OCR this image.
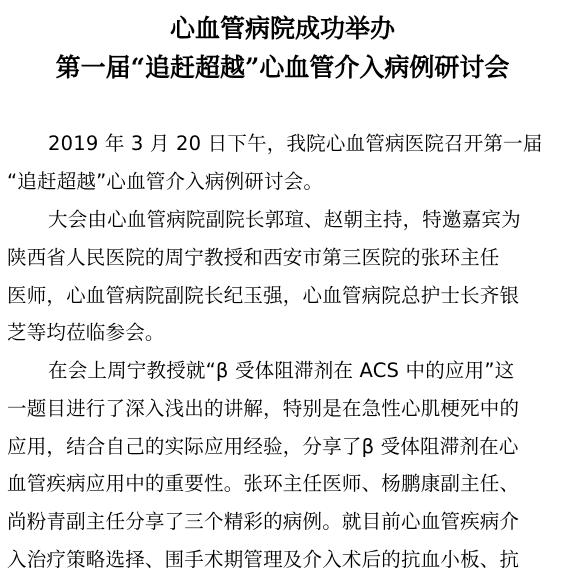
心血管病院成功举办
第一届“追赶超越”心血管介入病例研讨会
2019 年 3 月 20 日下午，我院心血管病医院召开第一届
“追赶超越”心血管介入病例研讨会。
大会由心血管病院副院长郭瑄、赵朝主持，特邀嘉宾为
陕西省人民医院的周宁教授和西安市第三医院的张环主任
医师，心血管病院副院长纪玉强，心血管病院总护士长齐银
芝等均莅临参会。
在会上周宁教授就“β 受体阻滞剂在 ACS 中的应用”这
一题目进行了深入浅出的讲解，特别是在急性心肌梗死中的
应用，结合自己的实际应用经验，分享了β 受体阻滞剂在心
血管疾病应用中的重要性。张环主任医师、杨鹏康副主任、
尚粉青副主任分享了三个精彩的病例。就目前心血管疾病介
入治疗策略选择、围手术期管理及介入术后的抗血小板、抗
